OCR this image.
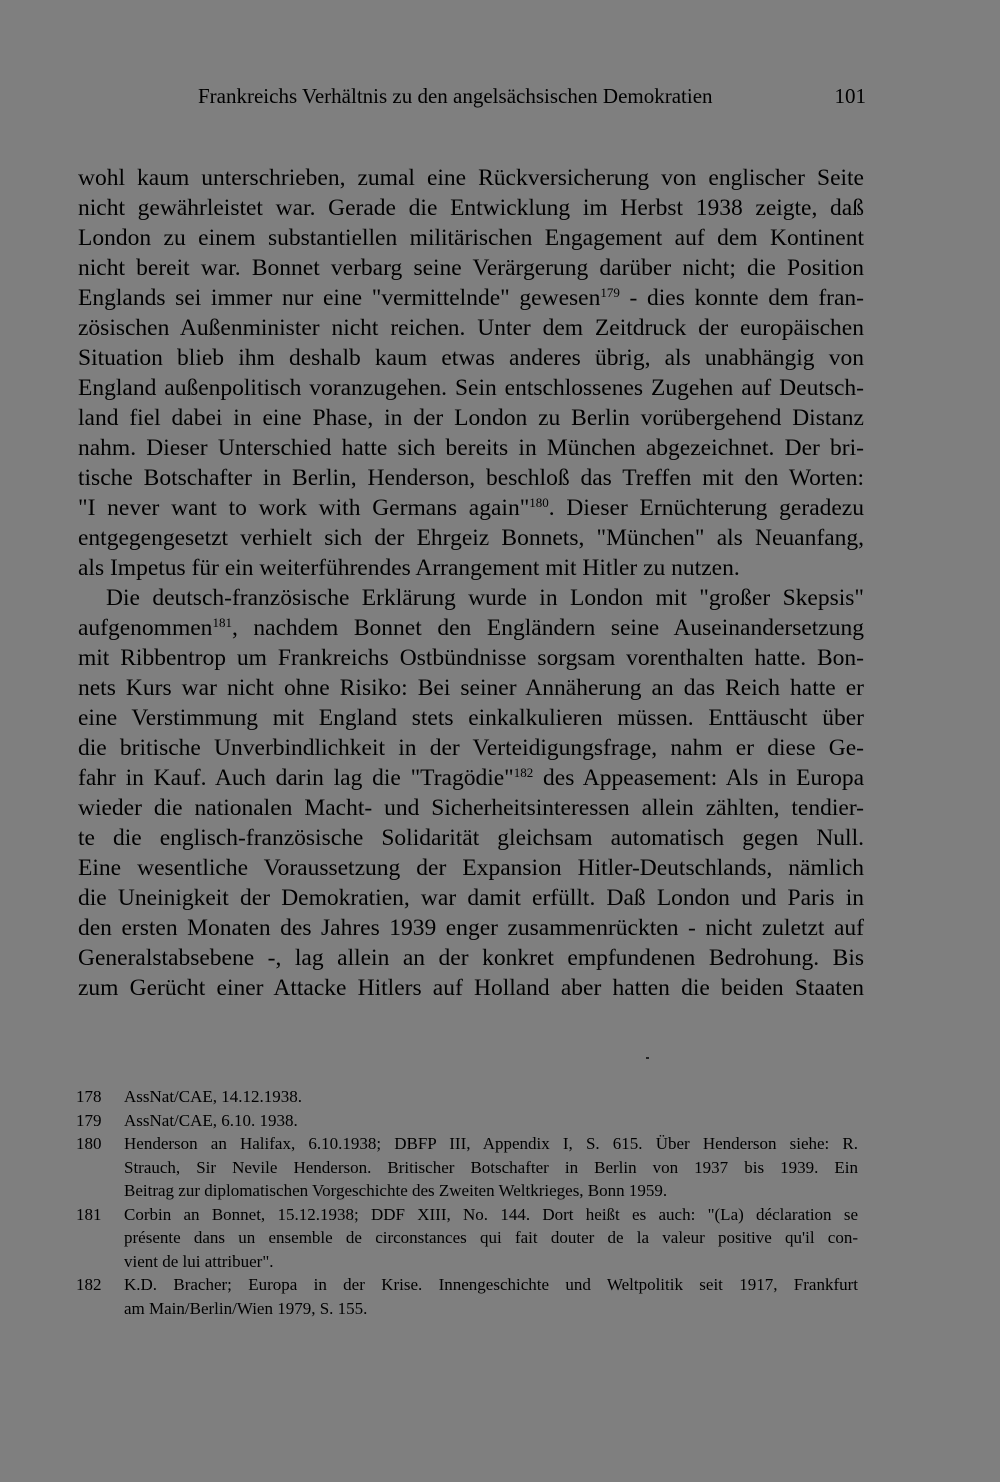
Frankreichs Verhältnis zu den angelsächsischen Demokratien	101
wohl kaum unterschrieben, zumal eine Rückversicherung von englischer Seite
nicht gewährleistet war. Gerade die Entwicklung im Herbst 1938 zeigte, daß
London zu einem substantiellen militärischen Engagement auf dem Kontinent
nicht bereit war. Bonnet verbarg seine Verärgerung darüber nicht; die Position
Englands sei immer nur eine "vermittelnde" gewesen$^{179}$ - dies konnte dem fran-
zösischen Außenminister nicht reichen. Unter dem Zeitdruck der europäischen
Situation blieb ihm deshalb kaum etwas anderes übrig, als unabhängig von
England außenpolitisch voranzugehen. Sein entschlossenes Zugehen auf Deutsch-
land fiel dabei in eine Phase, in der London zu Berlin vorübergehend Distanz
nahm. Dieser Unterschied hatte sich bereits in München abgezeichnet. Der bri-
tische Botschafter in Berlin, Henderson, beschloß das Treffen mit den Worten:
"I never want to work with Germans again"$^{180}$. Dieser Ernüchterung geradezu
entgegengesetzt verhielt sich der Ehrgeiz Bonnets, "München" als Neuanfang,
als Impetus für ein weiterführendes Arrangement mit Hitler zu nutzen.
Die deutsch-französische Erklärung wurde in London mit "großer Skepsis"
aufgenommen$^{181}$, nachdem Bonnet den Engländern seine Auseinandersetzung
mit Ribbentrop um Frankreichs Ostbündnisse sorgsam vorenthalten hatte. Bon-
nets Kurs war nicht ohne Risiko: Bei seiner Annäherung an das Reich hatte er
eine Verstimmung mit England stets einkalkulieren müssen. Enttäuscht über
die britische Unverbindlichkeit in der Verteidigungsfrage, nahm er diese Ge-
fahr in Kauf. Auch darin lag die "Tragödie"$^{182}$ des Appeasement: Als in Europa
wieder die nationalen Macht- und Sicherheitsinteressen allein zählten, tendier-
te die englisch-französische Solidarität gleichsam automatisch gegen Null.
Eine wesentliche Voraussetzung der Expansion Hitler-Deutschlands, nämlich
die Uneinigkeit der Demokratien, war damit erfüllt. Daß London und Paris in
den ersten Monaten des Jahres 1939 enger zusammenrückten - nicht zuletzt auf
Generalstabsebene -, lag allein an der konkret empfundenen Bedrohung. Bis
zum Gerücht einer Attacke Hitlers auf Holland aber hatten die beiden Staaten
178	AssNat/CAE, 14.12.1938.
179	AssNat/CAE, 6.10. 1938.
180	Henderson an Halifax, 6.10.1938; DBFP III, Appendix I, S. 615. Über Henderson siehe: R.
Strauch, Sir Nevile Henderson. Britischer Botschafter in Berlin von 1937 bis 1939. Ein
Beitrag zur diplomatischen Vorgeschichte des Zweiten Weltkrieges, Bonn 1959.
181	Corbin an Bonnet, 15.12.1938; DDF XIII, No. 144. Dort heißt es auch: "(La) déclaration se
présente dans un ensemble de circonstances qui fait douter de la valeur positive qu'il con-
vient de lui attribuer".
182	K.D. Bracher; Europa in der Krise. Innengeschichte und Weltpolitik seit 1917, Frankfurt
am Main/Berlin/Wien 1979, S. 155.
